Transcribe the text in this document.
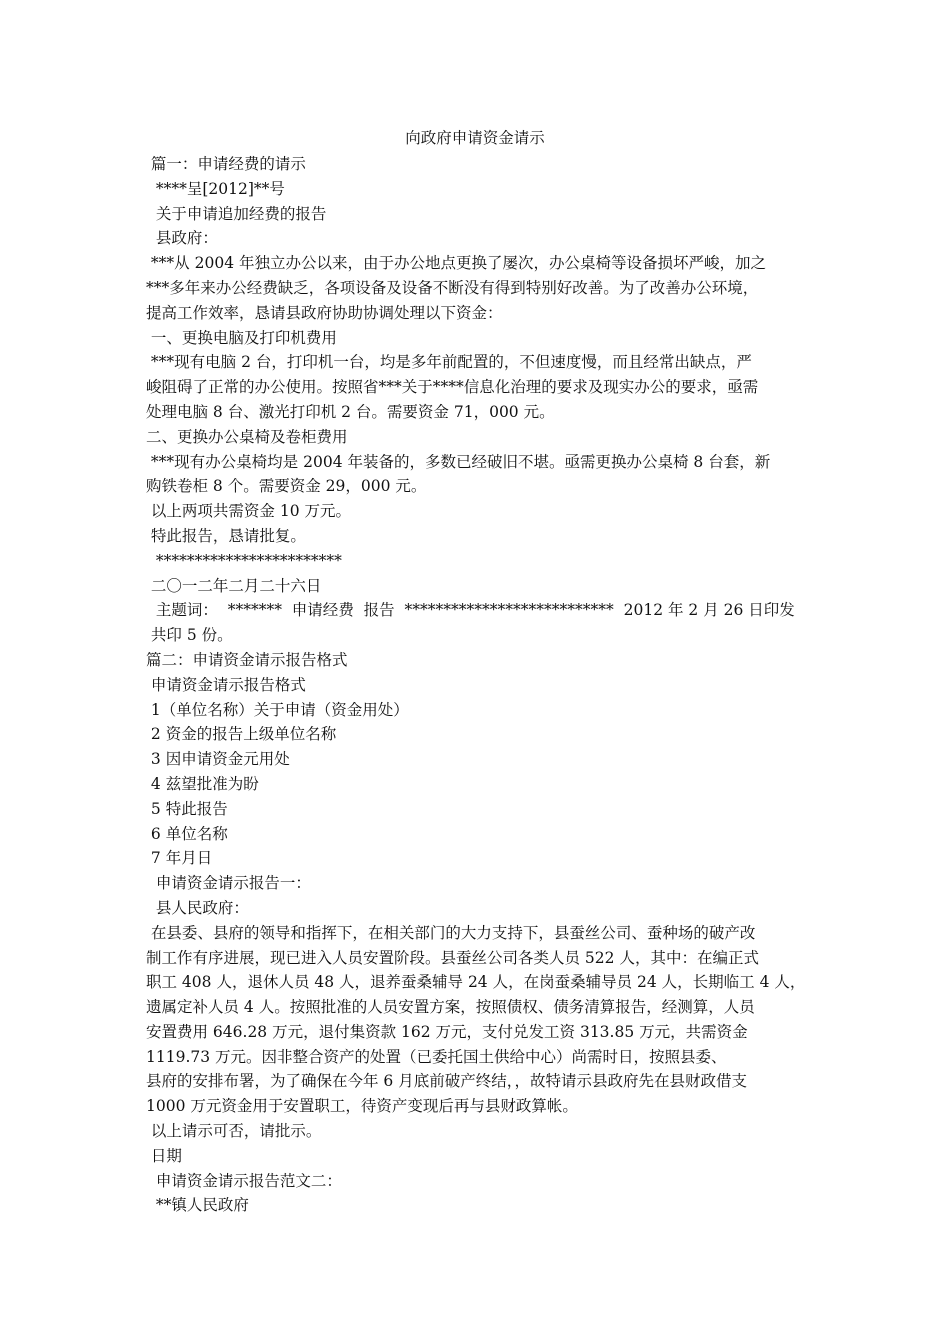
向政府申请资金请示
篇一：申请经费的请示
****呈[2012]**号
关于申请追加经费的报告
县政府：
***从 2004 年独立办公以来，由于办公地点更换了屡次，办公桌椅等设备损坏严峻，加之
***多年来办公经费缺乏，各项设备及设备不断没有得到特别好改善。为了改善办公环境，
提高工作效率，恳请县政府协助协调处理以下资金：
一、更换电脑及打印机费用
***现有电脑 2 台，打印机一台，均是多年前配置的，不但速度慢，而且经常出缺点，严
峻阻碍了正常的办公使用。按照省***关于****信息化治理的要求及现实办公的要求，亟需
处理电脑 8 台、激光打印机 2 台。需要资金 71，000 元。
二、更换办公桌椅及卷柜费用
***现有办公桌椅均是 2004 年装备的，多数已经破旧不堪。亟需更换办公桌椅 8 台套，新
购铁卷柜 8 个。需要资金 29，000 元。
以上两项共需资金 10 万元。
特此报告，恳请批复。
************************
二〇一二年二月二十六日
主题词：  *******  申请经费  报告  ***************************  2012 年 2 月 26 日印发
共印 5 份。
篇二：申请资金请示报告格式
申请资金请示报告格式
1（单位名称）关于申请（资金用处）
2 资金的报告上级单位名称
3 因申请资金元用处
4 兹望批准为盼
5 特此报告
6 单位名称
7 年月日
申请资金请示报告一：
县人民政府：
在县委、县府的领导和指挥下，在相关部门的大力支持下，县蚕丝公司、蚕种场的破产改
制工作有序进展，现已进入人员安置阶段。县蚕丝公司各类人员 522 人，其中：在编正式
职工 408 人，退休人员 48 人，退养蚕桑辅导 24 人，在岗蚕桑辅导员 24 人，长期临工 4 人，
遗属定补人员 4 人。按照批准的人员安置方案，按照债权、债务清算报告，经测算，人员
安置费用 646.28 万元，退付集资款 162 万元，支付兑发工资 313.85 万元，共需资金
1119.73 万元。因非整合资产的处置（已委托国土供给中心）尚需时日，按照县委、
县府的安排布署，为了确保在今年 6 月底前破产终结，，故特请示县政府先在县财政借支
1000 万元资金用于安置职工，待资产变现后再与县财政算帐。
以上请示可否，请批示。
日期
申请资金请示报告范文二：
**镇人民政府
